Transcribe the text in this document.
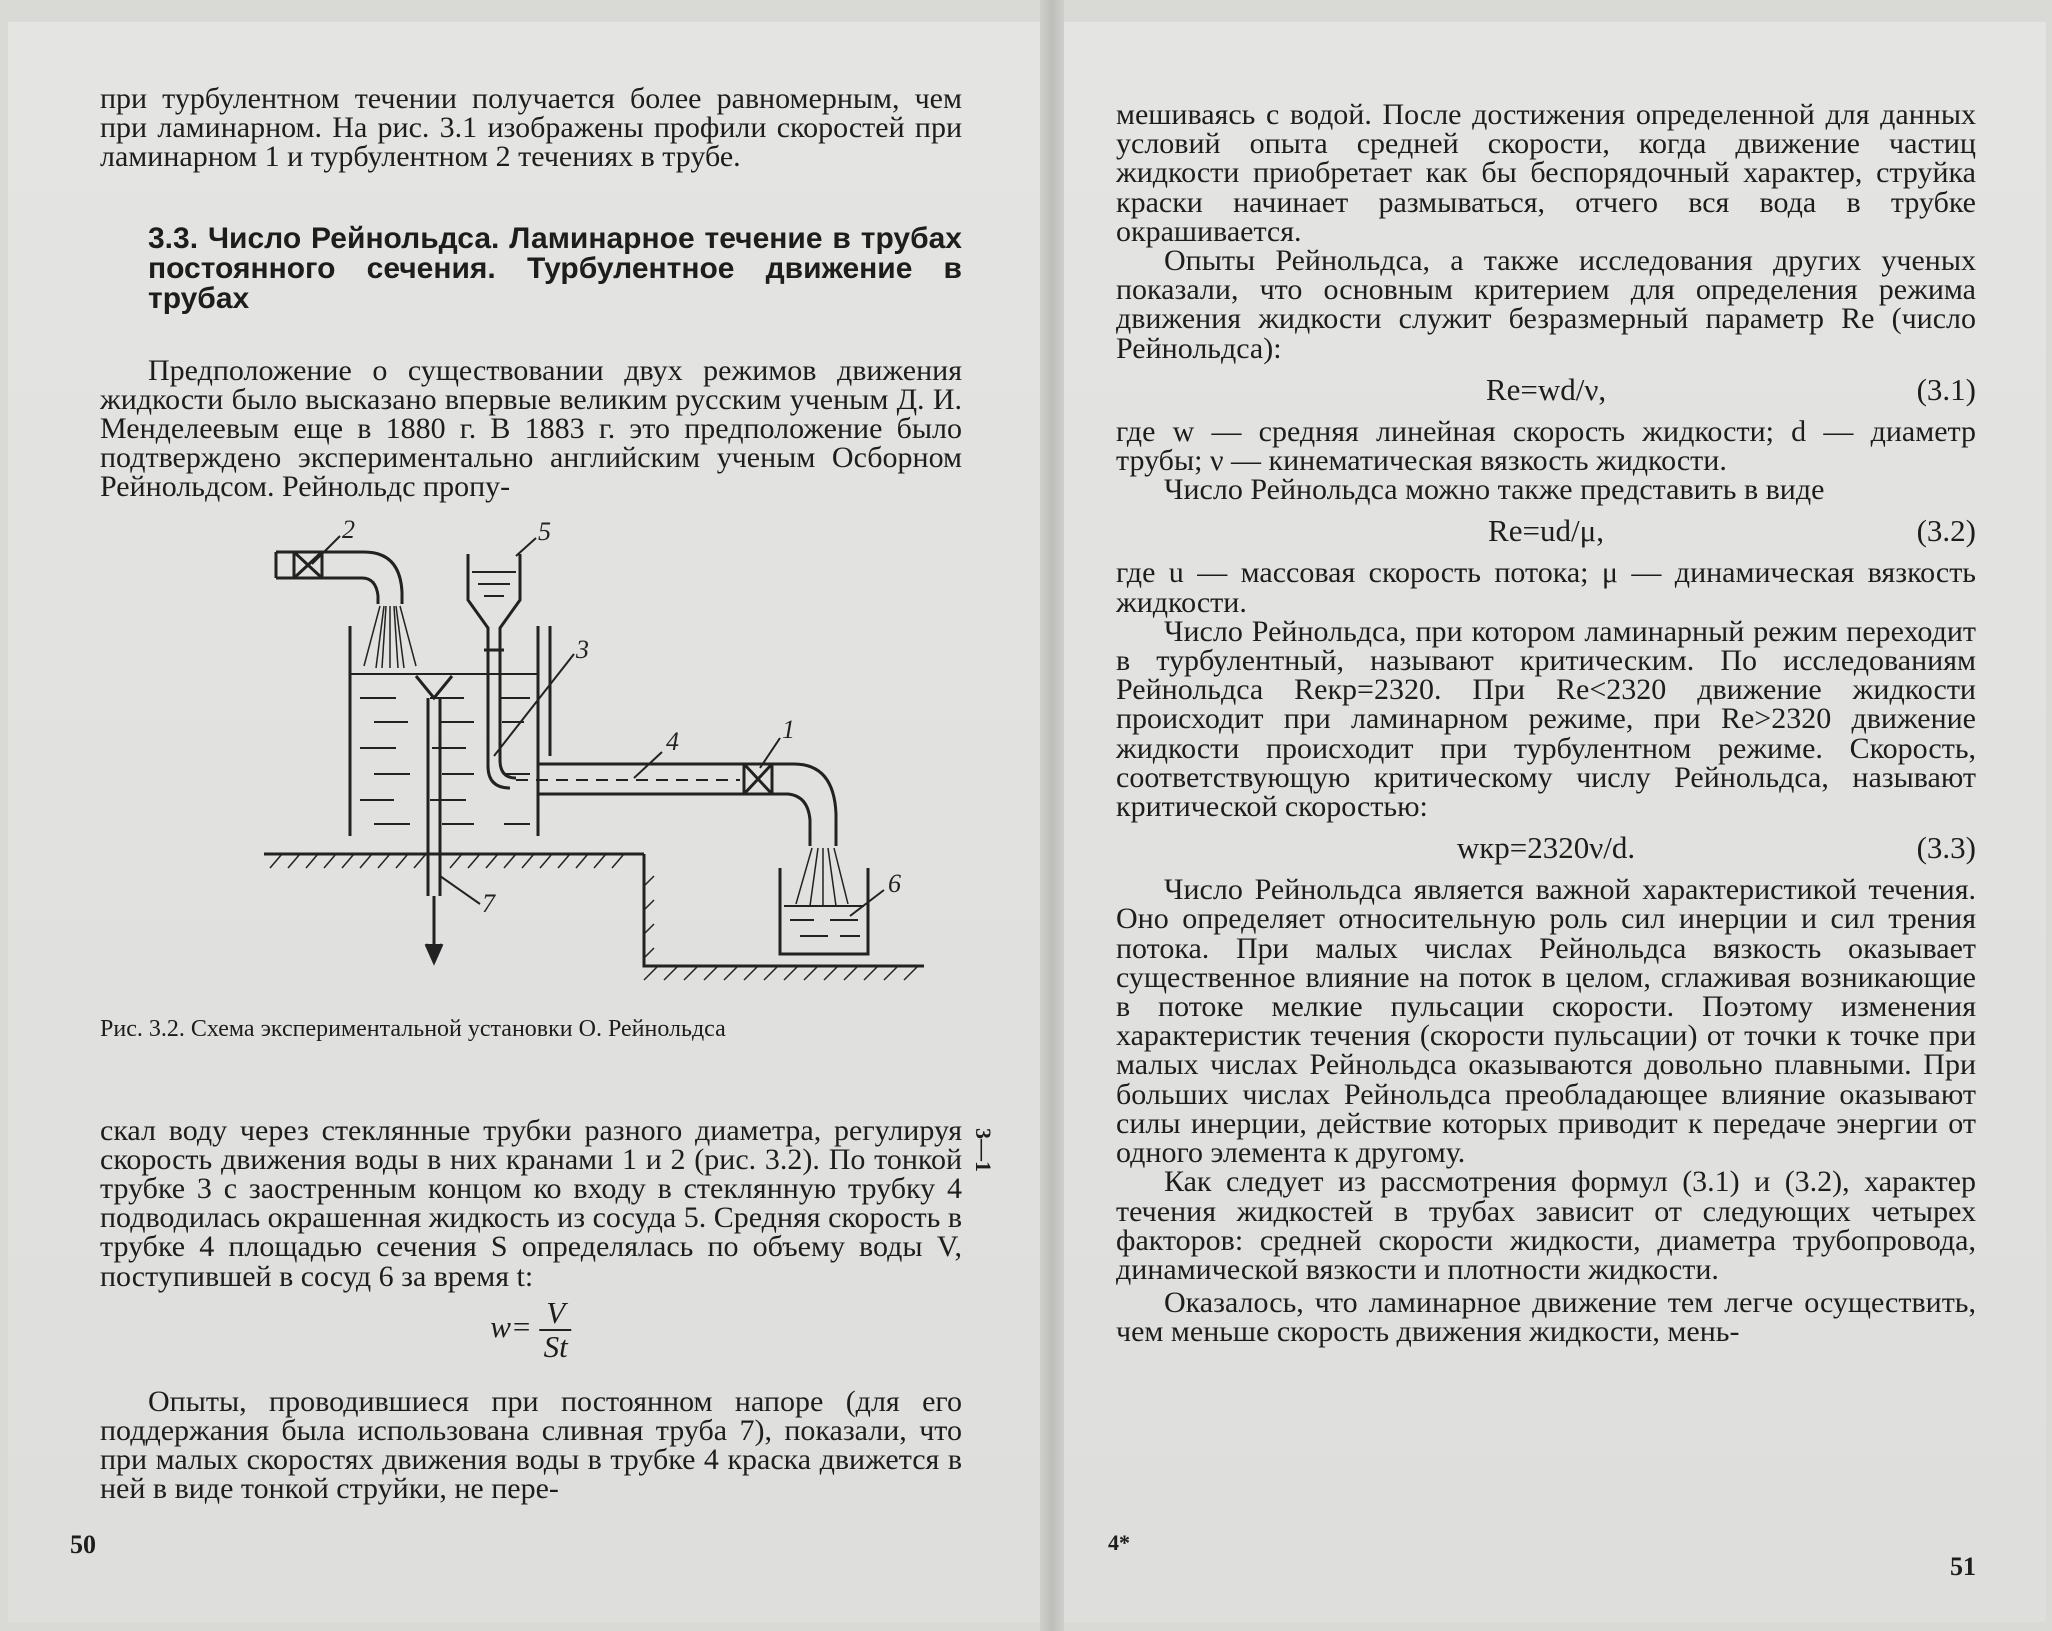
при турбулентном течении получается более равномерным, чем при ламинарном. На рис. 3.1 изображены профили скоростей при ламинарном 1 и турбулентном 2 течениях в трубе.

3.3. Число Рейнольдса. Ламинарное течение в трубах постоянного сечения. Турбулентное движение в трубах

Предположение о существовании двух режимов движения жидкости было высказано впервые великим русским ученым Д. И. Менделеевым еще в 1880 г. В 1883 г. это предположение было подтверждено экспериментально английским ученым Осборном Рейнольдсом. Рейнольдс пропу-

2	5
3
4	1
6
7

скал воду через стеклянные трубки разного диаметра, регулируя скорость движения воды в них кранами 1 и 2 (рис. 3.2). По тонкой трубке 3 с заостренным концом ко входу в стеклянную трубку 4 подводилась окрашенная жидкость из сосуда 5. Средняя скорость в трубке 4 площадью сечения S определялась по объему воды V, поступившей в сосуд 6 за время t:

$w= \frac{V}{St}$

Опыты, проводившиеся при постоянном напоре (для его поддержания была использована сливная труба 7), показали, что при малых скоростях движения воды в трубке 4 краска движется в ней в виде тонкой струйки, не пере-

Рис. 3.2. Схема экспериментальной установки О. Рейнольдса
50
3—1

мешиваясь с водой. После достижения определенной для данных условий опыта средней скорости, когда движение частиц жидкости приобретает как бы беспорядочный характер, струйка краски начинает размываться, отчего вся вода в трубке окрашивается.

Опыты Рейнольдса, а также исследования других ученых показали, что основным критерием для определения режима движения жидкости служит безразмерный параметр Re (число Рейнольдса):

Re=wd/ν,	(3.1)

где w — средняя линейная скорость жидкости; d — диаметр трубы; ν — кинематическая вязкость жидкости.

Число Рейнольдса можно также представить в виде

Re=ud/μ,	(3.2)

где u — массовая скорость потока; μ — динамическая вязкость жидкости.

Число Рейнольдса, при котором ламинарный режим переходит в турбулентный, называют критическим. По исследованиям Рейнольдса Reкр=2320. При Re<2320 движение жидкости происходит при ламинарном режиме, при Re>2320 движение жидкости происходит при турбулентном режиме. Скорость, соответствующую критическому числу Рейнольдса, называют критической скоростью:

wкр=2320ν/d.	(3.3)

Число Рейнольдса является важной характеристикой течения. Оно определяет относительную роль сил инерции и сил трения потока. При малых числах Рейнольдса вязкость оказывает существенное влияние на поток в целом, сглаживая возникающие в потоке мелкие пульсации скорости. Поэтому изменения характеристик течения (скорости пульсации) от точки к точке при малых числах Рейнольдса оказываются довольно плавными. При больших числах Рейнольдса преобладающее влияние оказывают силы инерции, действие которых приводит к передаче энергии от одного элемента к другому.

Как следует из рассмотрения формул (3.1) и (3.2), характер течения жидкостей в трубах зависит от следующих четырех факторов: средней скорости жидкости, диаметра трубопровода, динамической вязкости и плотности жидкости.

Оказалось, что ламинарное движение тем легче осуществить, чем меньше скорость движения жидкости, мень-

4*
51
